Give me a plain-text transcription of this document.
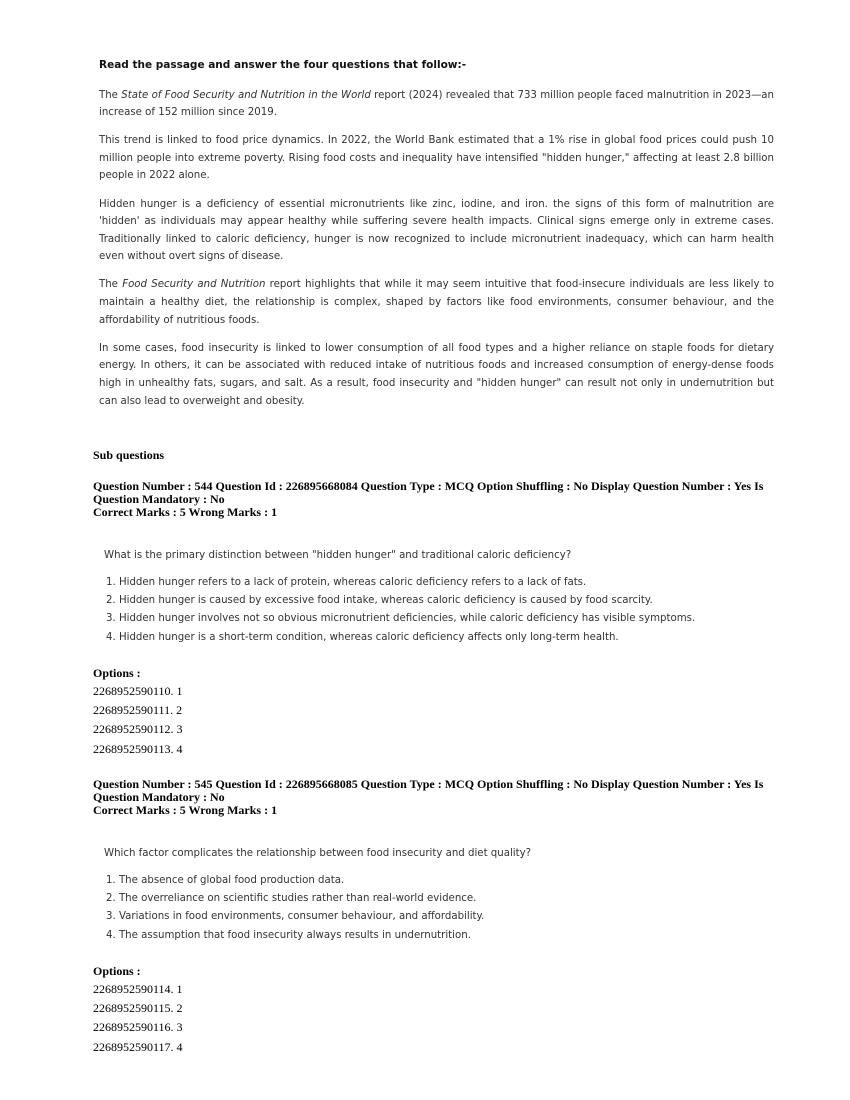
Read the passage and answer the four questions that follow:-

The State of Food Security and Nutrition in the World report (2024) revealed that 733 million people faced malnutrition in 2023—an increase of 152 million since 2019.

This trend is linked to food price dynamics. In 2022, the World Bank estimated that a 1% rise in global food prices could push 10 million people into extreme poverty. Rising food costs and inequality have intensified "hidden hunger," affecting at least 2.8 billion people in 2022 alone.

Hidden hunger is a deficiency of essential micronutrients like zinc, iodine, and iron. the signs of this form of malnutrition are 'hidden' as individuals may appear healthy while suffering severe health impacts. Clinical signs emerge only in extreme cases. Traditionally linked to caloric deficiency, hunger is now recognized to include micronutrient inadequacy, which can harm health even without overt signs of disease.

The Food Security and Nutrition report highlights that while it may seem intuitive that food-insecure individuals are less likely to maintain a healthy diet, the relationship is complex, shaped by factors like food environments, consumer behaviour, and the affordability of nutritious foods.

In some cases, food insecurity is linked to lower consumption of all food types and a higher reliance on staple foods for dietary energy. In others, it can be associated with reduced intake of nutritious foods and increased consumption of energy-dense foods high in unhealthy fats, sugars, and salt. As a result, food insecurity and "hidden hunger" can result not only in undernutrition but can also lead to overweight and obesity.

Sub questions
Question Number : 544 Question Id : 226895668084 Question Type : MCQ Option Shuffling : No Display Question Number : Yes Is
Question Mandatory : No
Correct Marks : 5 Wrong Marks : 1
What is the primary distinction between "hidden hunger" and traditional caloric deficiency?
1. Hidden hunger refers to a lack of protein, whereas caloric deficiency refers to a lack of fats.
2. Hidden hunger is caused by excessive food intake, whereas caloric deficiency is caused by food scarcity.
3. Hidden hunger involves not so obvious micronutrient deficiencies, while caloric deficiency has visible symptoms.
4. Hidden hunger is a short-term condition, whereas caloric deficiency affects only long-term health.
Options :
2268952590110. 1
2268952590111. 2
2268952590112. 3
2268952590113. 4
Question Number : 545 Question Id : 226895668085 Question Type : MCQ Option Shuffling : No Display Question Number : Yes Is
Question Mandatory : No
Correct Marks : 5 Wrong Marks : 1
Which factor complicates the relationship between food insecurity and diet quality?
1. The absence of global food production data.
2. The overreliance on scientific studies rather than real-world evidence.
3. Variations in food environments, consumer behaviour, and affordability.
4. The assumption that food insecurity always results in undernutrition.
Options :
2268952590114. 1
2268952590115. 2
2268952590116. 3
2268952590117. 4
